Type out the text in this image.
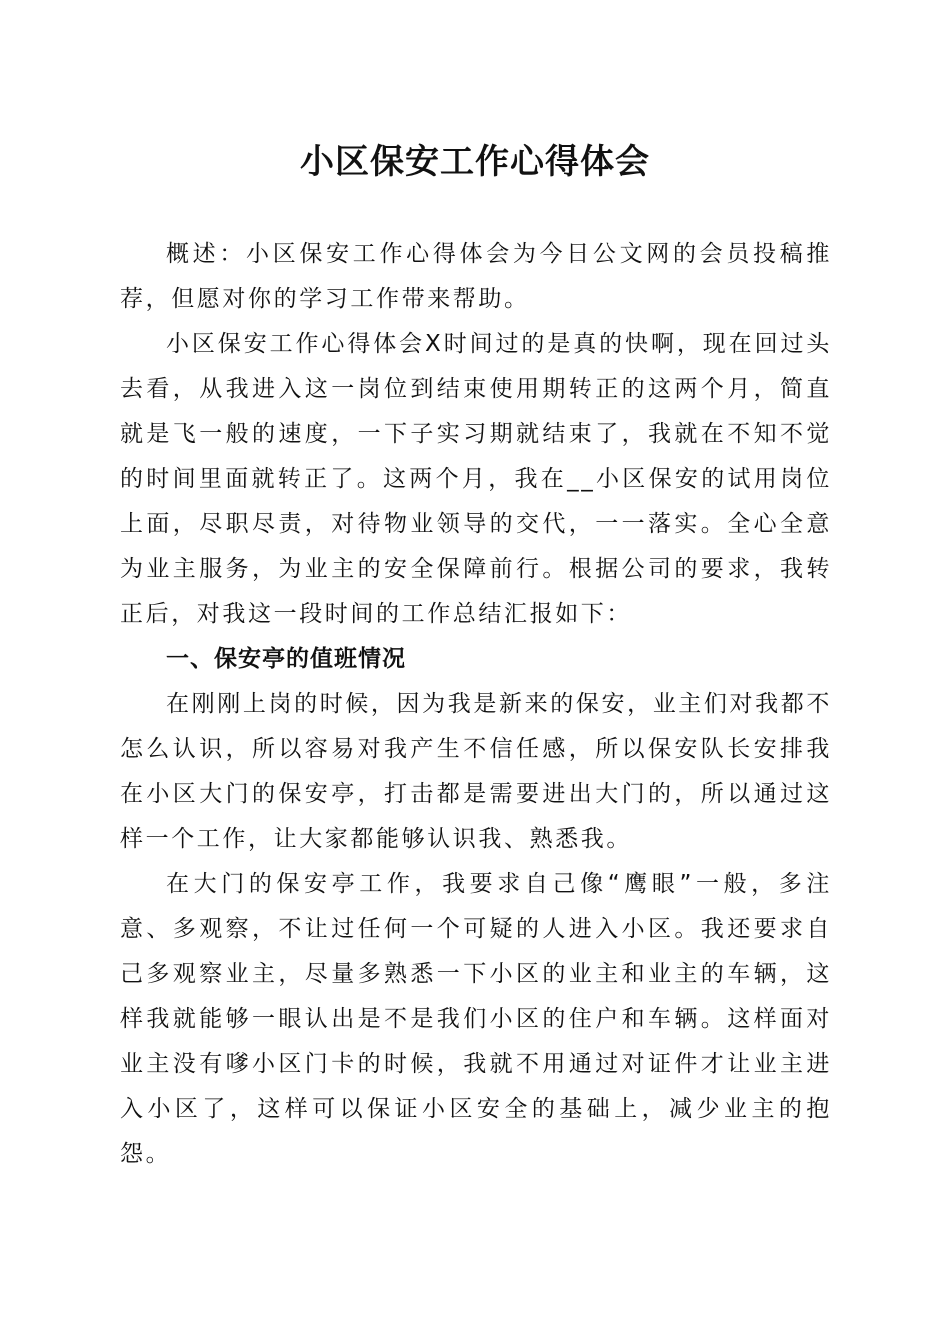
小区保安工作心得体会

概述：小区保安工作心得体会为今日公文网的会员投稿推荐，但愿对你的学习工作带来帮助。

小区保安工作心得体会X时间过的是真的快啊，现在回过头去看，从我进入这一岗位到结束使用期转正的这两个月，简直就是飞一般的速度，一下子实习期就结束了，我就在不知不觉的时间里面就转正了。这两个月，我在__小区保安的试用岗位上面，尽职尽责，对待物业领导的交代，一一落实。全心全意为业主服务，为业主的安全保障前行。根据公司的要求，我转正后，对我这一段时间的工作总结汇报如下：

一、保安亭的值班情况

在刚刚上岗的时候，因为我是新来的保安，业主们对我都不怎么认识，所以容易对我产生不信任感，所以保安队长安排我在小区大门的保安亭，打击都是需要进出大门的，所以通过这样一个工作，让大家都能够认识我、熟悉我。

在大门的保安亭工作，我要求自己像“鹰眼”一般，多注意、多观察，不让过任何一个可疑的人进入小区。我还要求自己多观察业主，尽量多熟悉一下小区的业主和业主的车辆，这样我就能够一眼认出是不是我们小区的住户和车辆。这样面对业主没有嗲小区门卡的时候，我就不用通过对证件才让业主进入小区了，这样可以保证小区安全的基础上，减少业主的抱怨。
